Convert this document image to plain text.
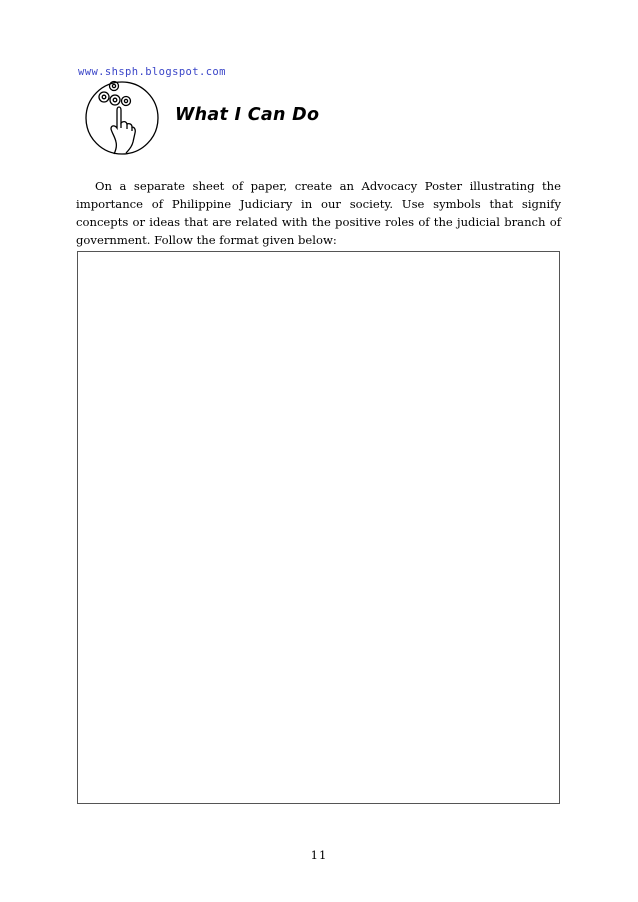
www.shsph.blogspot.com
What I Can Do

On a separate sheet of paper, create an Advocacy Poster illustrating the importance of Philippine Judiciary in our society. Use symbols that signify concepts or ideas that are related with the positive roles of the judicial branch of government. Follow the format given below:

11
